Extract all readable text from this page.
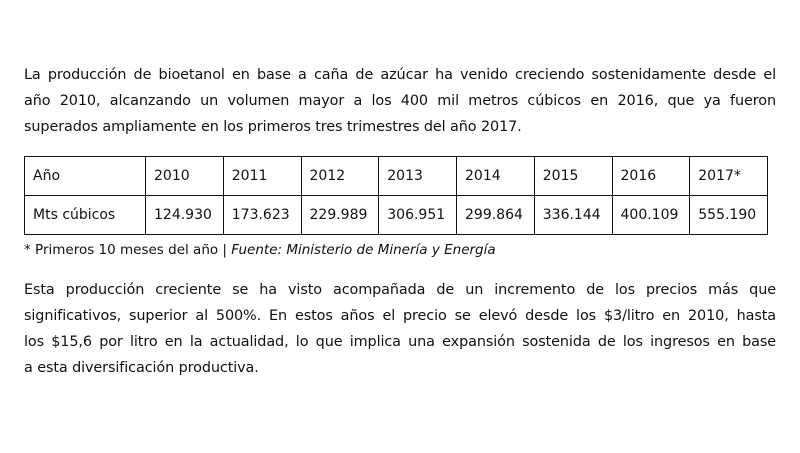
La producción de bioetanol en base a caña de azúcar ha venido creciendo sostenidamente desde el
año 2010, alcanzando un volumen mayor a los 400 mil metros cúbicos en 2016, que ya fueron
superados ampliamente en los primeros tres trimestres del año 2017.

Año	2010	2011	2012	2013	2014	2015	2016	2017*
Mts cúbicos	124.930	173.623	229.989	306.951	299.864	336.144	400.109	555.190
* Primeros 10 meses del año | Fuente: Ministerio de Minería y Energía

Esta producción creciente se ha visto acompañada de un incremento de los precios más que
significativos, superior al 500%. En estos años el precio se elevó desde los $3/litro en 2010, hasta
los $15,6 por litro en la actualidad, lo que implica una expansión sostenida de los ingresos en base
a esta diversificación productiva.
